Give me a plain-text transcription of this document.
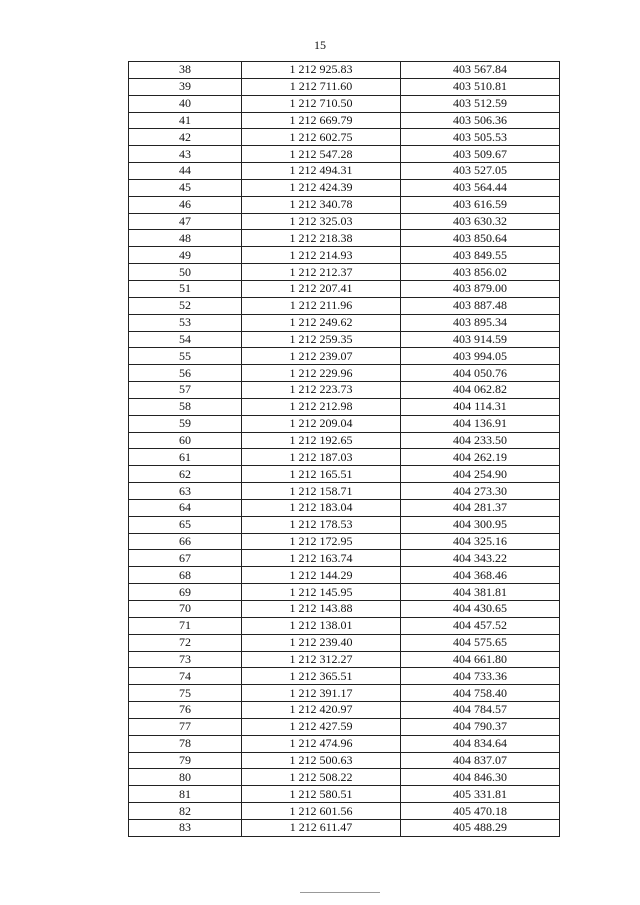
15
38	1 212 925.83	403 567.84
39	1 212 711.60	403 510.81
40	1 212 710.50	403 512.59
41	1 212 669.79	403 506.36
42	1 212 602.75	403 505.53
43	1 212 547.28	403 509.67
44	1 212 494.31	403 527.05
45	1 212 424.39	403 564.44
46	1 212 340.78	403 616.59
47	1 212 325.03	403 630.32
48	1 212 218.38	403 850.64
49	1 212 214.93	403 849.55
50	1 212 212.37	403 856.02
51	1 212 207.41	403 879.00
52	1 212 211.96	403 887.48
53	1 212 249.62	403 895.34
54	1 212 259.35	403 914.59
55	1 212 239.07	403 994.05
56	1 212 229.96	404 050.76
57	1 212 223.73	404 062.82
58	1 212 212.98	404 114.31
59	1 212 209.04	404 136.91
60	1 212 192.65	404 233.50
61	1 212 187.03	404 262.19
62	1 212 165.51	404 254.90
63	1 212 158.71	404 273.30
64	1 212 183.04	404 281.37
65	1 212 178.53	404 300.95
66	1 212 172.95	404 325.16
67	1 212 163.74	404 343.22
68	1 212 144.29	404 368.46
69	1 212 145.95	404 381.81
70	1 212 143.88	404 430.65
71	1 212 138.01	404 457.52
72	1 212 239.40	404 575.65
73	1 212 312.27	404 661.80
74	1 212 365.51	404 733.36
75	1 212 391.17	404 758.40
76	1 212 420.97	404 784.57
77	1 212 427.59	404 790.37
78	1 212 474.96	404 834.64
79	1 212 500.63	404 837.07
80	1 212 508.22	404 846.30
81	1 212 580.51	405 331.81
82	1 212 601.56	405 470.18
83	1 212 611.47	405 488.29
